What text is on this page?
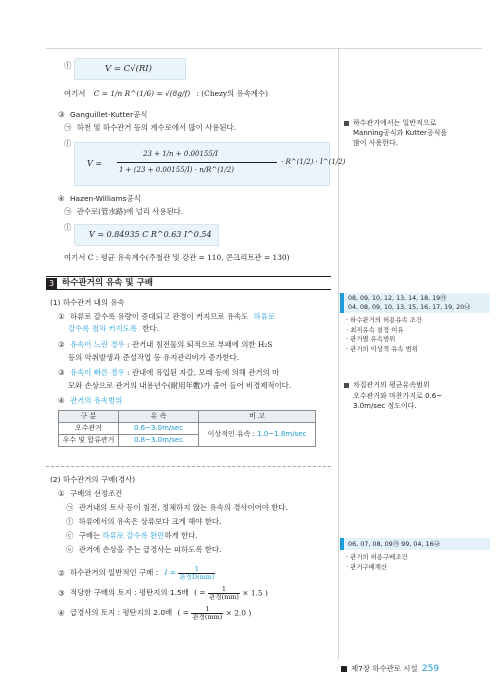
ⓛ	V = C√(RI)
여기서 C = 1/n R^(1/6) = √(8g/f) : (Chezy의 유속계수)
③ Ganguillet-Kutter공식
㉠ 하천 및 하수관거 등의 계수로에서 많이 사용된다.
ⓛ
V =
23 + 1/n + 0.00155/I
1 + (23 + 0.00155/I) · n/R^(1/2)
· R^(1/2) · I^(1/2)
④ Hazen-Williams공식
㉠ 관수로(管水路)에 널리 사용된다.
ⓛ
V = 0.84935 C R^0.63 I^0.54
여기서 C : 평균 유속계수(주철관 및 강관 = 110, 콘크리트관 = 130)
3 하수관거의 유속 및 구배
(1) 하수관거 내의 유속
① 하류로 갈수록 유량이 증대되고 관경이 커지므로 유속도 하류로
갈수록 점차 커지도록 한다.
② 유속이 느린 경우 : 관거내 침전물의 퇴적으로 부패에 의한 H₂S
등의 악취발생과 준설작업 등 유지관리비가 증가한다.
③ 유속이 빠른 경우 : 관내에 유입된 자갈, 모래 등에 의해 관거의 마
모와 손상으로 관거의 내용년수(耐用年數)가 줄어 들어 비경제적이다.
④ 관거의 유속범위
구 분	유 속	비 고
오수관거	0.6~3.0m/sec	이상적인 유속 : 1.0~1.8m/sec
우수 및 합류관거	0.8~3.0m/sec	
(2) 하수관거의 구배(경사)
① 구배의 선정조건
㉠ 관거내의 토사 등이 침전, 정체하지 않는 유속의 경사이어야 한다.
ⓛ 하류에서의 유속은 상류보다 크게 해야 한다.
ⓒ 구배는 하류로 갈수록 완만하게 한다.
ⓔ 관거에 손상을 주는 급경사는 피하도록 한다.
② 하수관거의 일반적인 구배 : $I = \frac{1}{\text{관경D(mm)}}$
③ 적당한 구배의 토지 : 평탄지의 1.5배 ( = $\frac{1}{\text{관경(mm)}} \times 1.5$ )
④ 급경사의 토지 : 평탄지의 2.0배 ( = $\frac{1}{\text{관경(mm)}} \times 2.0$ )
하수관거에서는 일반적으로
Manning공식과 Kutter공식을
많이 사용한다.
08, 09, 10, 12, 13, 14, 18, 19㉮
04, 08, 09, 10, 13, 15, 16, 17, 19, 20㉯
· 하수관거의 허용유속 조건
· 최저유속 설정 이유
· 관거별 유속범위
· 관거의 이상적 유속 범위
차집관거의 평균유속범위
오수관거와 마찬가지로 0.6~
3.0m/sec 정도이다.
06, 07, 08, 09㉮ 99, 04, 16㉯
· 관거의 허용구배조건
· 관거구배계산
제7장 하수관로 시설 259
